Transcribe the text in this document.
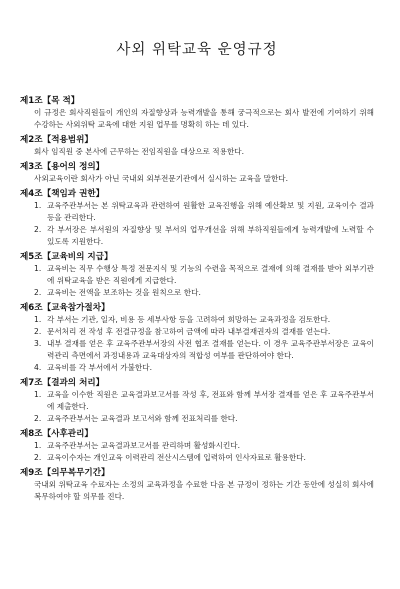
사외 위탁교육 운영규정
제1조【목 적】
이 규정은 회사직원들이 개인의 자질향상과 능력개발을 통해 궁극적으로는 회사 발전에 기여하기 위해 수강하는 사외위탁 교육에 대한 지원 업무를 명확히 하는 데 있다.
제2조【적용범위】
회사 임직원 중 본사에 근무하는 전임직원을 대상으로 적용한다.
제3조【용어의 정의】
사외교육이란 회사가 아닌 국내외 외부전문기관에서 실시하는 교육을 말한다.
제4조【책임과 권한】
1. 교육주관부서는 본 위탁교육과 관련하여 원활한 교육진행을 위해 예산확보 및 지원, 교육이수 결과 등을 관리한다.
2. 각 부서장은 부서원의 자질향상 및 부서의 업무개선을 위해 부하직원들에게 능력개발에 노력할 수 있도록 지원한다.
제5조【교육비의 지급】
1. 교육비는 직무 수행상 특정 전문지식 및 기능의 수련을 목적으로 결재에 의해 결재를 받아 외부기관에 위탁교육을 받은 직원에게 지급한다.
2. 교육비는 전액을 보조하는 것을 원칙으로 한다.
제6조【교육참가절차】
1. 각 부서는 기관, 일자, 비용 등 세부사항 등을 고려하여 희망하는 교육과정을 검토한다.
2. 문서처리 전 작성 후 전결규정을 참고하여 금액에 따라 내부결재권자의 결재를 얻는다.
3. 내부 결재를 얻은 후 교육주관부서장의 사전 협조 결재를 얻는다. 이 경우 교육주관부서장은 교육이력관리 측면에서 과정내용과 교육대상자의 적합성 여부를 판단하여야 한다.
4. 교육비를 각 부서에서 가불한다.
제7조【결과의 처리】
1. 교육을 이수한 직원은 교육결과보고서를 작성 후, 전표와 함께 부서장 결재를 얻은 후 교육주관부서에 제출한다.
2. 교육주관부서는 교육결과 보고서와 함께 전표처리를 한다.
제8조【사후관리】
1. 교육주관부서는 교육결과보고서를 관리하며 활성화시킨다.
2. 교육이수자는 개인교육 이력관리 전산시스템에 입력하여 인사자료로 활용한다.
제9조【의무복무기간】
국내외 위탁교육 수료자는 소정의 교육과정을 수료한 다음 본 규정이 정하는 기간 동안에 성실히 회사에 복무하여야 할 의무를 진다.
